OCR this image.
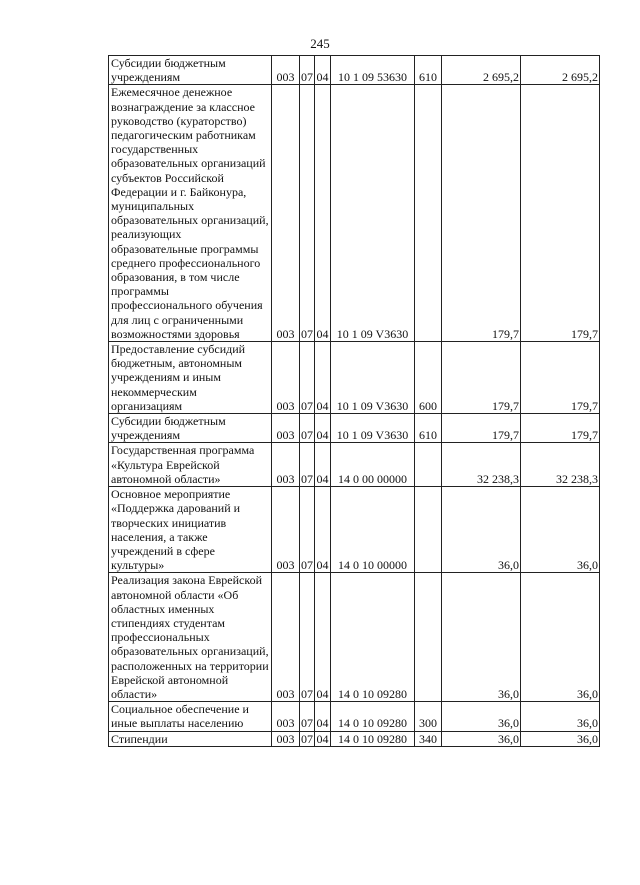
245
Субсидии бюджетным учреждениям	003	07	04	10 1 09 53630	610	2 695,2	2 695,2
Ежемесячное денежное вознаграждение за классное руководство (кураторство) педагогическим работникам государственных образовательных организаций субъектов Российской Федерации и г. Байконура, муниципальных образовательных организаций, реализующих образовательные программы среднего профессионального образования, в том числе программы профессионального обучения для лиц с ограниченными возможностями здоровья	003	07	04	10 1 09 V3630		179,7	179,7
Предоставление субсидий бюджетным, автономным учреждениям и иным некоммерческим организациям	003	07	04	10 1 09 V3630	600	179,7	179,7
Субсидии бюджетным учреждениям	003	07	04	10 1 09 V3630	610	179,7	179,7
Государственная программа «Культура Еврейской автономной области»	003	07	04	14 0 00 00000		32 238,3	32 238,3
Основное мероприятие «Поддержка дарований и творческих инициатив населения, а также учреждений в сфере культуры»	003	07	04	14 0 10 00000		36,0	36,0
Реализация закона Еврейской автономной области «Об областных именных стипендиях студентам профессиональных образовательных организаций, расположенных на территории Еврейской автономной области»	003	07	04	14 0 10 09280		36,0	36,0
Социальное обеспечение и иные выплаты населению	003	07	04	14 0 10 09280	300	36,0	36,0
Стипендии	003	07	04	14 0 10 09280	340	36,0	36,0
